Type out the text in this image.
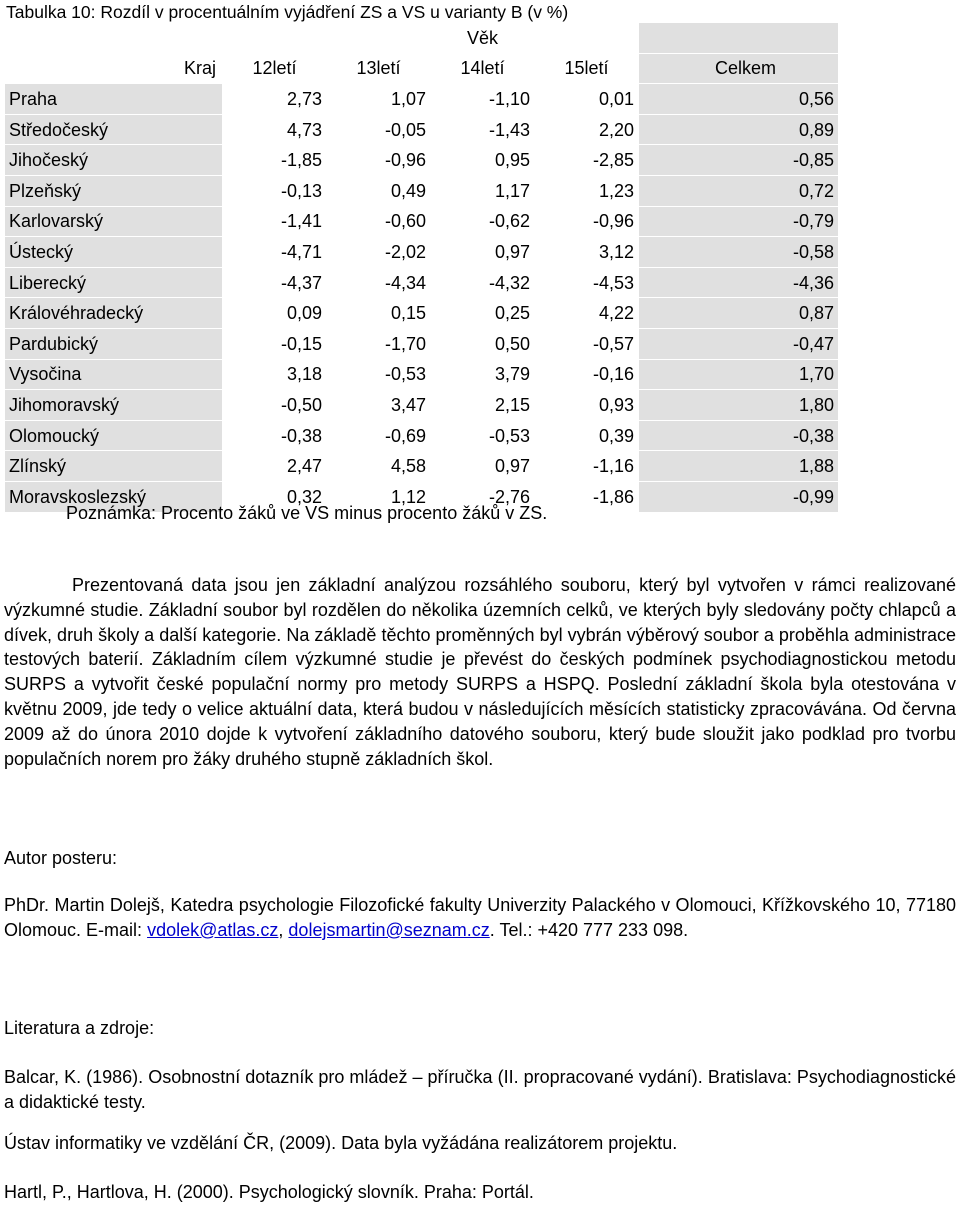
Tabulka 10: Rozdíl v procentuálním vyjádření ZS a VS u varianty B (v %)
		Věk			
Kraj	12letí	13letí	14letí	15letí	Celkem
Praha	2,73	1,07	-1,10	0,01	0,56
Středočeský	4,73	-0,05	-1,43	2,20	0,89
Jihočeský	-1,85	-0,96	0,95	-2,85	-0,85
Plzeňský	-0,13	0,49	1,17	1,23	0,72
Karlovarský	-1,41	-0,60	-0,62	-0,96	-0,79
Ústecký	-4,71	-2,02	0,97	3,12	-0,58
Liberecký	-4,37	-4,34	-4,32	-4,53	-4,36
Královéhradecký	0,09	0,15	0,25	4,22	0,87
Pardubický	-0,15	-1,70	0,50	-0,57	-0,47
Vysočina	3,18	-0,53	3,79	-0,16	1,70
Jihomoravský	-0,50	3,47	2,15	0,93	1,80
Olomoucký	-0,38	-0,69	-0,53	0,39	-0,38
Zlínský	2,47	4,58	0,97	-1,16	1,88
Moravskoslezský	0,32	1,12	-2,76	-1,86	-0,99
Poznámka: Procento žáků ve VS minus procento žáků v ZS.
Prezentovaná data jsou jen základní analýzou rozsáhlého souboru, který byl vytvořen v rámci realizované výzkumné studie. Základní soubor byl rozdělen do několika územních celků, ve kterých byly sledovány počty chlapců a dívek, druh školy a další kategorie. Na základě těchto proměnných byl vybrán výběrový soubor a proběhla administrace testových baterií. Základním cílem výzkumné studie je převést do českých podmínek psychodiagnostickou metodu SURPS a vytvořit české populační normy pro metody SURPS a HSPQ. Poslední základní škola byla otestována v květnu 2009, jde tedy o velice aktuální data, která budou v následujících měsících statisticky zpracovávána. Od června 2009 až do února 2010 dojde k vytvoření základního datového souboru, který bude sloužit jako podklad pro tvorbu populačních norem pro žáky druhého stupně základních škol.
Autor posteru:
PhDr. Martin Dolejš, Katedra psychologie Filozofické fakulty Univerzity Palackého v Olomouci, Křížkovského 10, 77180 Olomouc. E-mail: vdolek@atlas.cz, dolejsmartin@seznam.cz. Tel.: +420 777 233 098.
Literatura a zdroje:
Balcar, K. (1986). Osobnostní dotazník pro mládež – příručka (II. propracované vydání). Bratislava: Psychodiagnostické a didaktické testy.
Ústav informatiky ve vzdělání ČR, (2009). Data byla vyžádána realizátorem projektu.
Hartl, P., Hartlova, H. (2000). Psychologický slovník. Praha: Portál.
